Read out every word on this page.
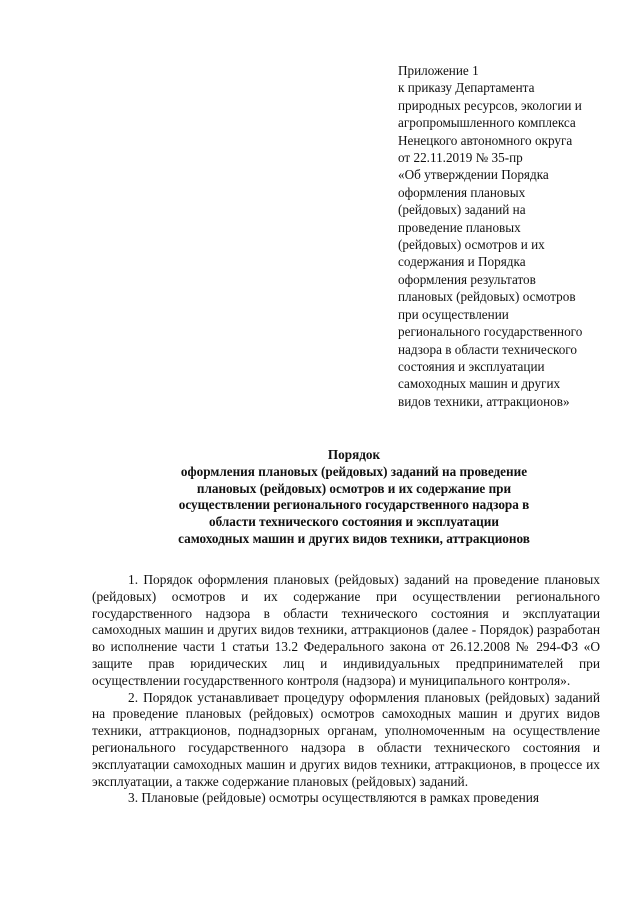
Приложение 1
к приказу Департамента
природных ресурсов, экологии и
агропромышленного комплекса
Ненецкого автономного округа
от 22.11.2019 № 35-пр
«Об утверждении Порядка
оформления плановых
(рейдовых) заданий на
проведение плановых
(рейдовых) осмотров и их
содержания и Порядка
оформления результатов
плановых (рейдовых) осмотров
при осуществлении
регионального государственного
надзора в области технического
состояния и эксплуатации
самоходных машин и других
видов техники, аттракционов»
Порядок
оформления плановых (рейдовых) заданий на проведение
плановых (рейдовых) осмотров и их содержание при
осуществлении регионального государственного надзора в
области технического состояния и эксплуатации
самоходных машин и других видов техники, аттракционов

1. Порядок оформления плановых (рейдовых) заданий на проведение плановых (рейдовых) осмотров и их содержание при осуществлении регионального государственного надзора в области технического состояния и эксплуатации самоходных машин и других видов техники, аттракционов (далее - Порядок) разработан во исполнение части 1 статьи 13.2 Федерального закона от 26.12.2008 № 294-ФЗ «О защите прав юридических лиц и индивидуальных предпринимателей при осуществлении государственного контроля (надзора) и муниципального контроля».

2. Порядок устанавливает процедуру оформления плановых (рейдовых) заданий на проведение плановых (рейдовых) осмотров самоходных машин и других видов техники, аттракционов, поднадзорных органам, уполномоченным на осуществление регионального государственного надзора в области технического состояния и эксплуатации самоходных машин и других видов техники, аттракционов, в процессе их эксплуатации, а также содержание плановых (рейдовых) заданий.

3. Плановые (рейдовые) осмотры осуществляются в рамках проведения
